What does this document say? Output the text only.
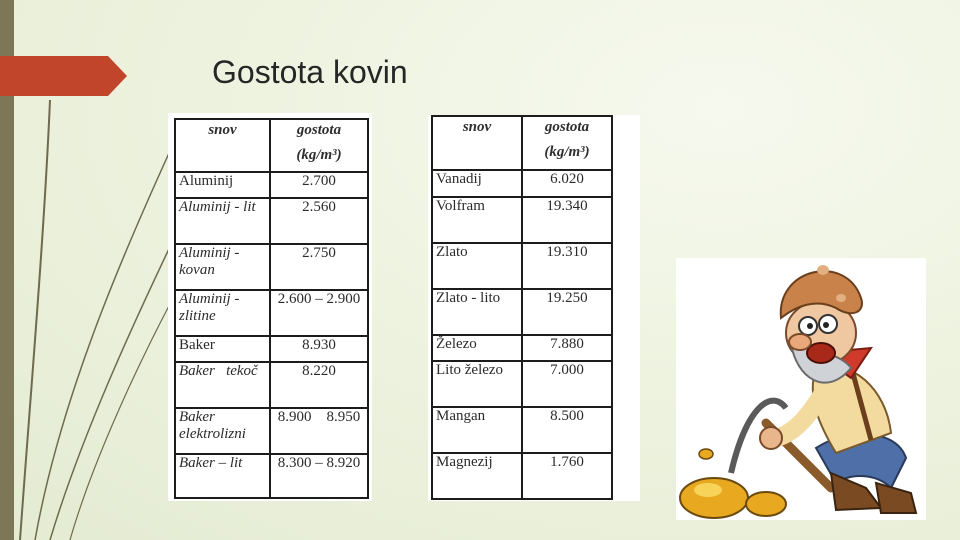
Gostota kovin
snov	gostota
(kg/m³)

Aluminij	2.700
Aluminij - lit	2.560
Aluminij - kovan	2.750
Aluminij - zlitine	2.600 – 2.900
Baker	8.930
Baker   tekoč	8.220
Baker elektrolizni	8.900    8.950
Baker – lit	8.300 – 8.920
snov	gostota
(kg/m³)

Vanadij	6.020
Volfram	19.340
Zlato	19.310
Zlato - lito	19.250
Železo	7.880
Lito železo	7.000
Mangan	8.500
Magnezij	1.760
